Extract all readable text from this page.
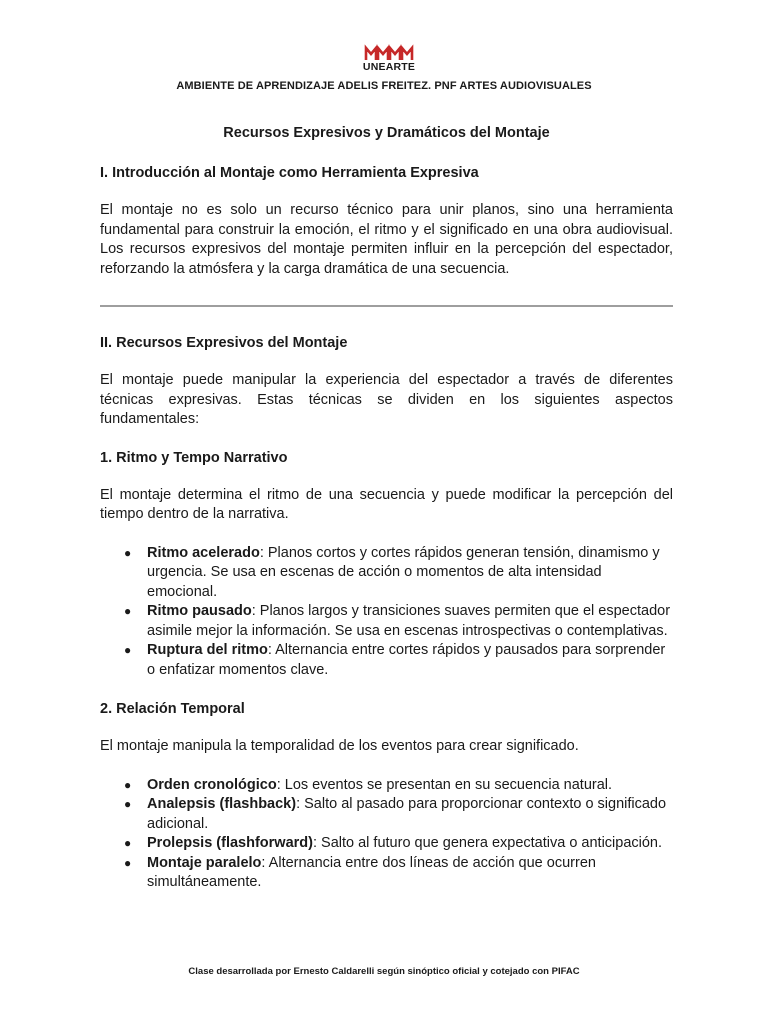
UNEARTE
AMBIENTE DE APRENDIZAJE ADELIS FREITEZ. PNF ARTES AUDIOVISUALES
Recursos Expresivos y Dramáticos del Montaje
I. Introducción al Montaje como Herramienta Expresiva

El montaje no es solo un recurso técnico para unir planos, sino una herramienta fundamental para construir la emoción, el ritmo y el significado en una obra audiovisual. Los recursos expresivos del montaje permiten influir en la percepción del espectador, reforzando la atmósfera y la carga dramática de una secuencia.

II. Recursos Expresivos del Montaje

El montaje puede manipular la experiencia del espectador a través de diferentes técnicas expresivas. Estas técnicas se dividen en los siguientes aspectos fundamentales:

1. Ritmo y Tempo Narrativo

El montaje determina el ritmo de una secuencia y puede modificar la percepción del tiempo dentro de la narrativa.

● Ritmo acelerado: Planos cortos y cortes rápidos generan tensión, dinamismo y urgencia. Se usa en escenas de acción o momentos de alta intensidad emocional.
● Ritmo pausado: Planos largos y transiciones suaves permiten que el espectador asimile mejor la información. Se usa en escenas introspectivas o contemplativas.
● Ruptura del ritmo: Alternancia entre cortes rápidos y pausados para sorprender o enfatizar momentos clave.
2. Relación Temporal

El montaje manipula la temporalidad de los eventos para crear significado.

● Orden cronológico: Los eventos se presentan en su secuencia natural.
● Analepsis (flashback): Salto al pasado para proporcionar contexto o significado adicional.
● Prolepsis (flashforward): Salto al futuro que genera expectativa o anticipación.
● Montaje paralelo: Alternancia entre dos líneas de acción que ocurren simultáneamente.
Clase desarrollada por Ernesto Caldarelli según sinóptico oficial y cotejado con PIFAC
